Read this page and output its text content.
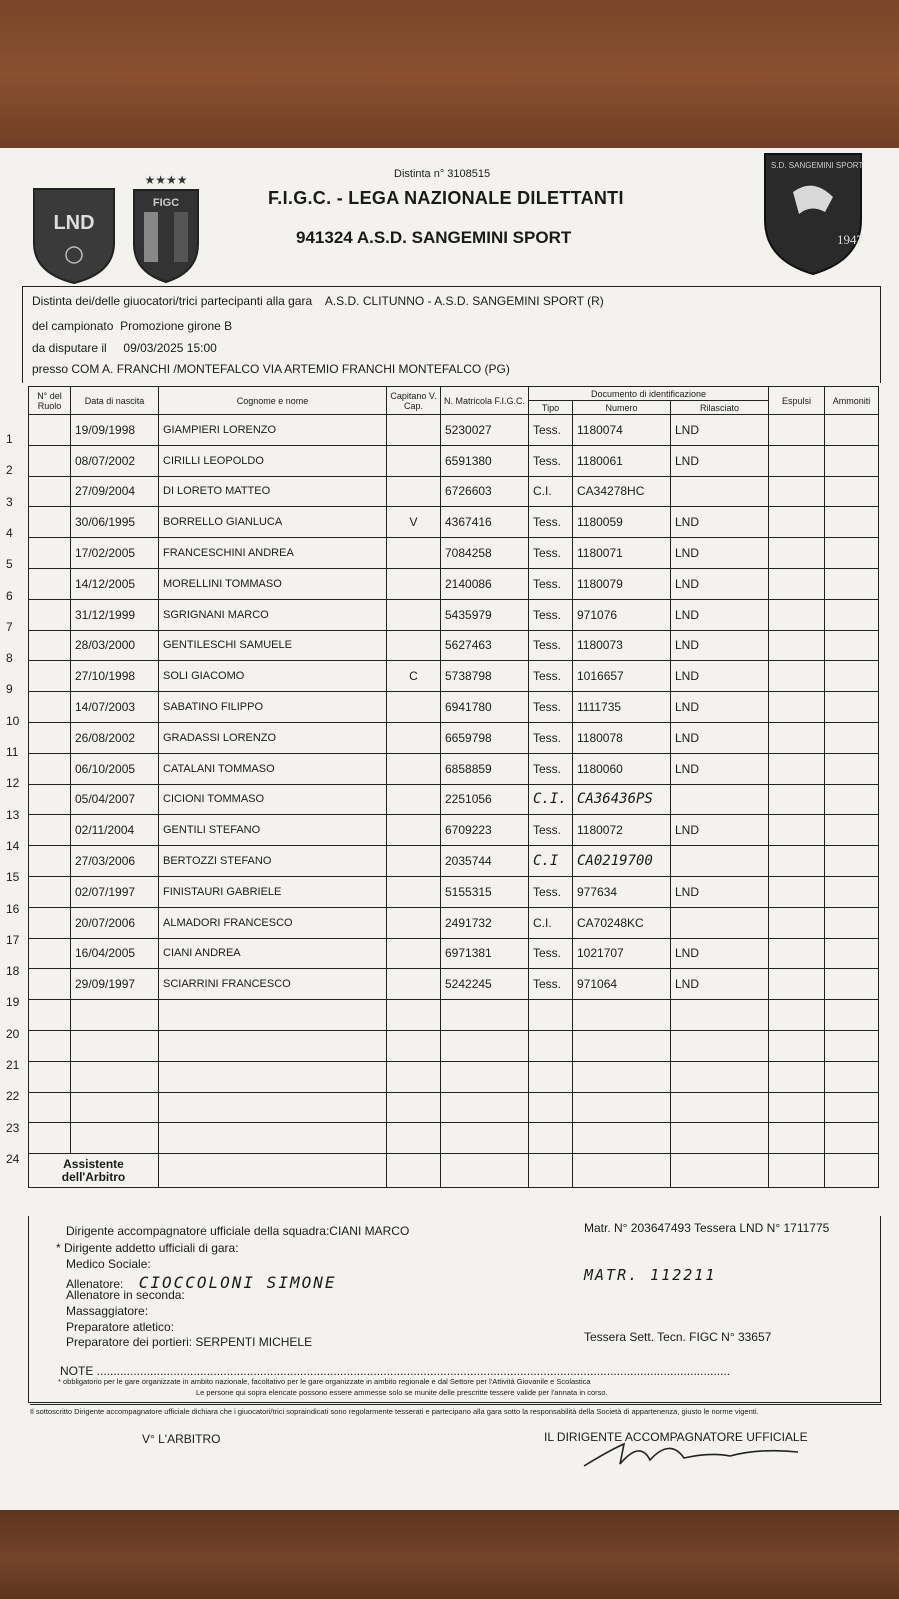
LND
★★★★
FIGC
1947
S.D. SANGEMINI SPORT
Distinta n° 3108515
F.I.G.C. - LEGA NAZIONALE DILETTANTI
941324 A.S.D. SANGEMINI SPORT
Distinta dei/delle giuocatori/trici partecipanti alla gara A.S.D. CLITUNNO - A.S.D. SANGEMINI SPORT (R)
del campionato Promozione girone B
da disputare il 09/03/2025 15:00
presso COM A. FRANCHI /MONTEFALCO VIA ARTEMIO FRANCHI MONTEFALCO (PG)
1
2
3
4
5
6
7
8
9
10
11
12
13
14
15
16
17
18
19
20
21
22
23
24
N° del Ruolo	Data di nascita	Cognome e nome	Capitano V. Cap.	N. Matricola F.I.G.C.	Documento di identificazione			Espulsi	Ammoniti
					Tipo	Numero	Rilasciato		
	19/09/1998	GIAMPIERI LORENZO		5230027	Tess.	1180074	LND		
	08/07/2002	CIRILLI LEOPOLDO		6591380	Tess.	1180061	LND		
	27/09/2004	DI LORETO MATTEO		6726603	C.I.	CA34278HC			
	30/06/1995	BORRELLO GIANLUCA	V	4367416	Tess.	1180059	LND		
	17/02/2005	FRANCESCHINI ANDREA		7084258	Tess.	1180071	LND		
	14/12/2005	MORELLINI TOMMASO		2140086	Tess.	1180079	LND		
	31/12/1999	SGRIGNANI MARCO		5435979	Tess.	971076	LND		
	28/03/2000	GENTILESCHI SAMUELE		5627463	Tess.	1180073	LND		
	27/10/1998	SOLI GIACOMO	C	5738798	Tess.	1016657	LND		
	14/07/2003	SABATINO FILIPPO		6941780	Tess.	1111735	LND		
	26/08/2002	GRADASSI LORENZO		6659798	Tess.	1180078	LND		
	06/10/2005	CATALANI TOMMASO		6858859	Tess.	1180060	LND		
	05/04/2007	CICIONI TOMMASO		2251056	C.I.	CA36436PS			
	02/11/2004	GENTILI STEFANO		6709223	Tess.	1180072	LND		
	27/03/2006	BERTOZZI STEFANO		2035744	C.I	CA0219700			
	02/07/1997	FINISTAURI GABRIELE		5155315	Tess.	977634	LND		
	20/07/2006	ALMADORI FRANCESCO		2491732	C.I.	CA70248KC			
	16/04/2005	CIANI ANDREA		6971381	Tess.	1021707	LND		
	29/09/1997	SCIARRINI FRANCESCO		5242245	Tess.	971064	LND		

Assistente dell'Arbitro									
Dirigente accompagnatore ufficiale della squadra:CIANI MARCO	Matr. N° 203647493 Tessera LND N° 1711775
* Dirigente addetto ufficiali di gara:
Medico Sociale:
Allenatore: CIOCCOLONI SIMONE	MATR. 112211
Allenatore in seconda:
Massaggiatore:
Preparatore atletico:
Preparatore dei portieri: SERPENTI MICHELE	Tessera Sett. Tecn. FIGC N° 33657
NOTE ..............................................................................................................................................................................................
* obbligatorio per le gare organizzate in ambito nazionale, facoltativo per le gare organizzate in ambito regionale e dal Settore per l'Attività Giovanile e Scolastica
Le persone qui sopra elencate possono essere ammesse solo se munite delle prescritte tessere valide per l'annata in corso.
Il sottoscritto Dirigente accompagnatore ufficiale dichiara che i giuocatori/trici sopraindicati sono regolarmente tesserati e partecipano alla gara sotto la responsabilità della Società di appartenenza, giusto le norme vigenti.
V° L'ARBITRO	IL DIRIGENTE ACCOMPAGNATORE UFFICIALE
